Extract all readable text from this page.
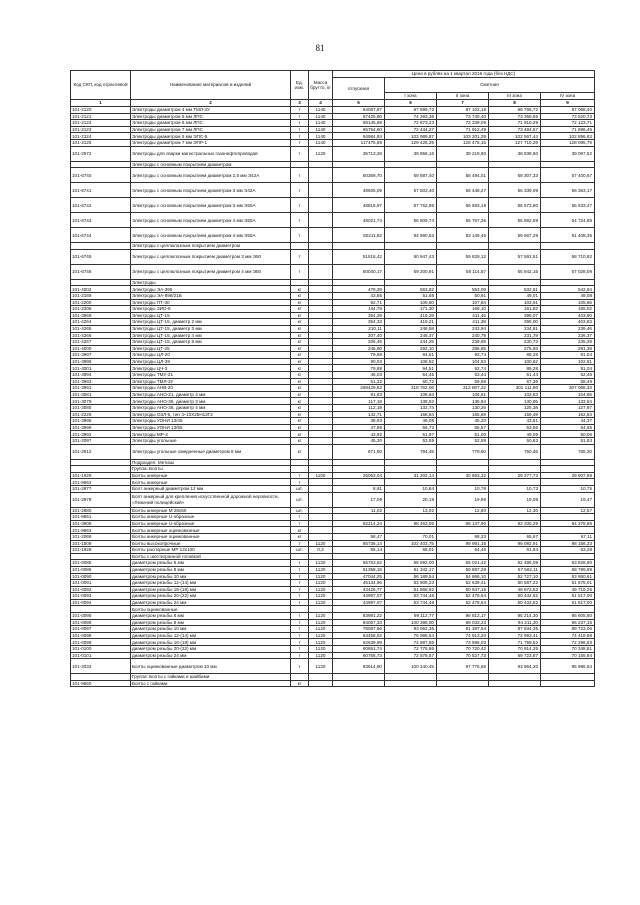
81
Код СКП, код отраслевой	Наименование материалов и изделий	Ед. изм.	Масса брутто, кг	Цена в рублях на 1 квартал 2016 года (без НДС)				
				отпускная	Сметная			
					I зона	II зона	III зона	IV зона
1	2	3	4	5	6	7	8	9
101-2120	Электроды диаметром 4 мм ТМЛ-3У	т	1140	54087,87	67 699,73	67 102,18	66 796,72	67 068,40
101-2121	Электроды диаметром 5 мм ЛПС	т	1140	67425,80	74 283,36	73 740,40	73 355,55	73 520,73
101-2122	Электроды диаметром 6 мм ЛПС	т	1140	68145,68	72 873,23	72 339,09	71 910,29	72 123,71
101-2123	Электроды диаметром 7 мм ЛПС	т	1140	65754,60	72 444,27	71 912,49	73 484,57	71 696,45
101-2124	Электроды диаметром 5 мм ЭПС-5	т	1140	94984,84	103 989,87	103 201,29	102 567,44	102 896,83
101-2125	Электроды диаметром 7 мм ЭПР-1	т	1140	117475,89	129 426,29	128 475,15	127 710,29	128 095,79
101-2572	Электроды для сварки магистральных газонефтепроводов	т	1120	35713,28	39 956,16	39 219,80	38 838,60	39 097,52
	Электроды с основным покрытием диаметром							
101-6740	Электроды с основным покрытием диаметром 2,5 мм Э42А	т		50369,70	59 587,40	58 494,01	58 307,33	57 400,67
101-6741	Электроды с основным покрытием диаметром 3 мм Э42А	т		48605,09	57 503,40	56 448,27	56 339,09	56 363,17
101-6742	Электроды с основным покрытием диаметром 3 мм Э50А	т		48816,97	57 752,86	56 693,19	56 573,80	55 633,47
101-6743	Электроды с основным покрытием диаметром 4 мм Э50А	т		48021,74	56 809,74	55 767,36	55 682,59	54 724,89
101-6744	Электроды с основным покрытием диаметром 4 мм Э50А	т		80211,82	94 890,83	93 149,45	59 667,29	91 408,35
	Электроды с целлюлозным покрытием диаметром							
101-6745	Электроды с целлюлозным покрытием диаметром 3 мм Э50	т		51516,42	60 947,43	59 829,12	57 592,51	58 710,82
101-6746	Электроды с целлюлозным покрытием диаметром 4 мм Э50	т		50040,17	59 200,91	58 114,57	55 942,16	57 028,09
	Электроды							
101-4002	Электроды ЭА-395	кг		478,39	563,82	553,09	532,61	542,94
101-2169	Электроды ЭА-898/21Б	кг		43,85	51,68	50,91	49,01	49,08
101-2200	Электроды ПТ-30	кг		92,71	109,80	107,84	103,61	105,66
101-2208	Электроды ЗИО-8	кг		144,79	171,30	168,10	161,82	165,02
101-3869	Электроды ЦТ-15	кг		354,39	419,28	411,45	396,07	403,90
101-4264	Электроды ЦТ-15, диаметр 2 мм	кг		354,33	419,21	411,38	396,00	403,83
101-4265	Электроды ЦТ-15, диаметр 3 мм	кг		210,11	248,58	243,94	234,81	239,46
101-4266	Электроды ЦТ-15, диаметр 4 мм	кг		207,40	245,37	240,79	231,78	236,37
101-4267	Электроды ЦТ-15, диаметр 5 мм	кг		206,45	244,25	239,69	230,73	235,29
101-4000	Электроды ЦТ-25	кг		246,90	292,10	286,65	275,93	281,39
101-3997	Электроды ЦЛ-20	кг		79,68	94,51	92,74	89,28	91,04
101-3998	Электроды ЦЛ-39	кг		90,03	106,52	104,53	100,62	102,61
101-4001	Электроды ЦЧ-3	кг		79,88	94,51	92,74	89,28	91,04
101-3994	Электроды ТМУ-21	кг		46,03	54,45	53,44	51,44	52,46
101-3993	Электроды ТМЛ-3У	кг		51,32	60,72	59,58	57,36	58,49
101-3991	Электроды АНВ-20	кг		269429,62	318 762,06	312 807,22	301 111,80	307 068,33
101-3081	Электроды АНО-21, диаметр 4 мм	кг		91,83	108,64	106,61	102,63	104,66
101-3079	Электроды АНО-36, диаметр 3 мм	кг		117,18	138,53	135,94	130,95	133,54
101-3080	Электроды АНО-36, диаметр 4 мм	кг		112,19	132,74	130,26	125,38	127,87
101-2226	Электроды ОЗЛ-6, тип Э-10Х25Н13Г2	кг		142,71	168,84	165,69	159,49	162,64
101-3995	Электроды УОНИ 13/45	кг		38,93	46,08	45,20	43,51	44,37
101-3996	Электроды УОНИ 13/55	кг		47,86	56,73	55,57	53,56	54,65
101-3992	Электроды МР-3	кг		43,92	51,97	51,00	49,09	50,06
101-2097	Электроды угольные	кг		45,30	53,59	52,59	50,63	51,63
101-2812	Электроды угольные омедненные диаметром 8 мм	кг		671,50	794,45	779,60	750,46	765,30
	Подраздел: Метизы							
	Группа: Болты							
101-1929	Болты анкерные	т	1100	26053,04	31 202,14	30 663,32	29 277,73	29 907,89
101-9662	Болты анкерные	т						
101-2877	Болт анкерный диаметром 12 мм	шт.		8,91	10,84	10,78	10,73	10,75
101-2878	Болт анкерный для крепления искусственной дорожной неровности, «Лежачий полицейский»	шт.		17,09	20,19	19,86	19,08	19,47
101-2880	Болты анкерные М 28х50	шт.		11,02	13,02	12,80	12,30	12,57
101-9661	Болты анкерные U-образные	т						
101-3906	Болты анкерные U-образные	т		82214,24	98 463,06	96 137,90	92 330,29	94 378,86
101-9663	Болты анкерные оцинкованные	кг						
101-2068	Болты анкерные оцинкованные	кг		58,47	70,01	68,33	65,67	67,11
101-1809	Болты высокопрочные	т	1120	85736,14	102 403,75	99 991,15	96 092,91	98 156,23
101-1928	Болты распорные МР 12х100	шт.	0,3	55,14	66,01	64,45	61,94	63,28
	Болты с шестигранной головкой							
101-0085	диаметром резьбы 6 мм	т	1120	55753,52	66 592,00	65 021,42	62 486,09	63 828,80
101-0086	диаметром резьбы 8 мм	т	1120	51358,16	61 342,17	59 897,28	57 562,11	58 799,89
101-0090	диаметром резьбы 10 мм	т	1120	47044,25	56 189,54	54 866,10	52 727,10	53 860,61
101-0091	диаметром резьбы 12-(14) мм	т	1120	45134,96	53 909,23	52 639,41	50 587,22	51 675,01
101-0092	диаметром резьбы 16-(18) мм	т	1120	43426,77	51 868,92	50 647,15	48 672,53	49 719,26
101-0093	диаметром резьбы 20-(22) мм	т	1120	44997,07	53 744,48	52 478,54	50 432,62	51 517,00
101-0094	диаметром резьбы 24 мм	т	1120	44997,07	53 744,48	52 478,54	50 432,62	51 517,00
	Болты оцинкованные							
101-0095	диаметром резьбы 6 мм	т	1120	83981,22	99 112,77	96 812,17	95 214,30	95 605,80
101-0096	диаметром резьбы 8 мм	т	1120	84057,33	100 398,00	98 033,23	94 211,20	96 237,15
101-0097	диаметром резьбы 10 мм	т	1120	78087,66	93 062,36	91 397,54	87 834,35	89 723,06
101-0098	диаметром резьбы 12-(14) мм	т	1120	64458,02	76 988,54	74 913,20	72 993,41	74 419,88
101-0099	диаметром резьбы 16-(18) мм	т	1120	62639,99	74 887,86	73 596,03	71 759,52	72 296,63
101-0100	диаметром резьбы 20-(22) мм	т	1120	60651,74	72 775,86	70 720,42	70 914,25	70 348,81
101-0101	диаметром резьбы 24 мм	т	1120	60765,73	72 578,57	70 527,73	69 723,87	70 155,94
101-2032	Болты оцинкованные диаметром 10 мм	т	1120	83614,80	100 140,45	97 775,65	93 964,20	95 986,54
	Группа: Болты с гайками и шайбами							
101-9660	Болты с гайками	кг						
